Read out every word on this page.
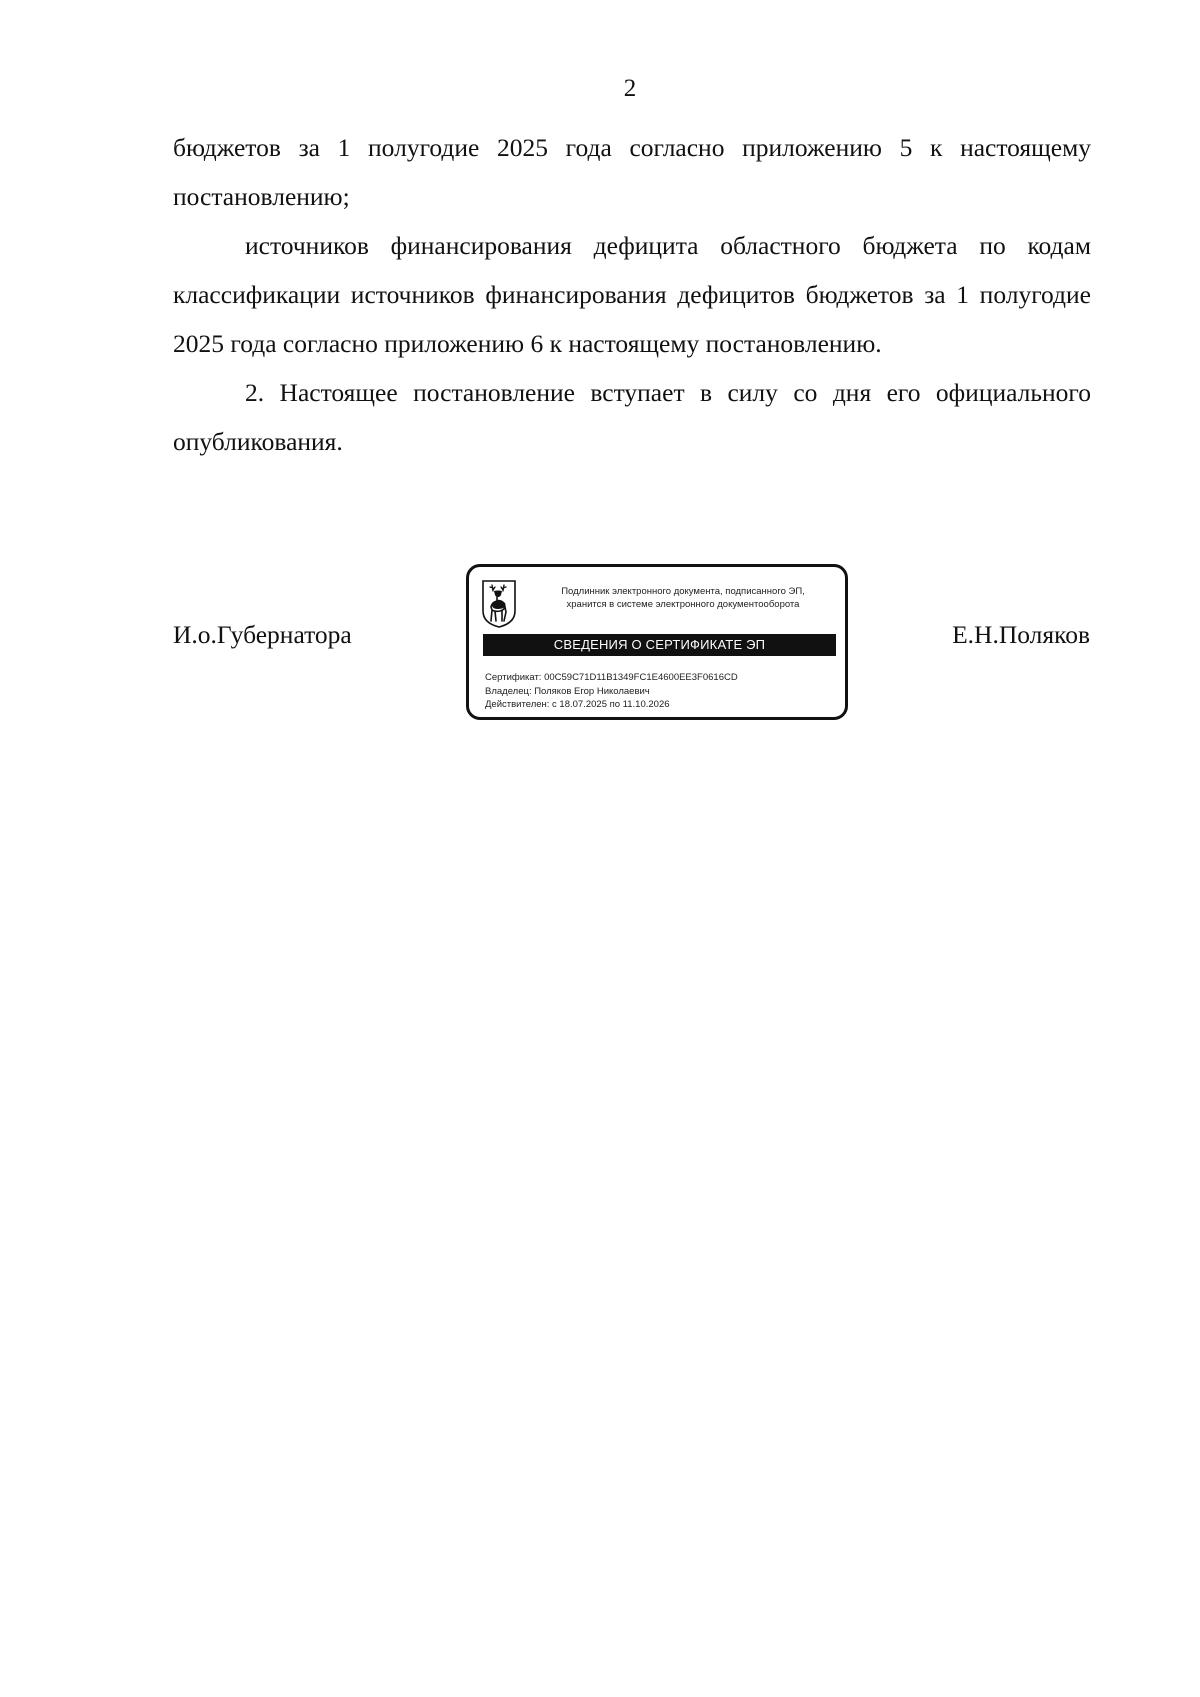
2

бюджетов за 1 полугодие 2025 года согласно приложению 5 к настоящему постановлению;

источников финансирования дефицита областного бюджета по кодам классификации источников финансирования дефицитов бюджетов за 1 полугодие 2025 года согласно приложению 6 к настоящему постановлению.

2. Настоящее постановление вступает в силу со дня его официального опубликования.

И.о.Губернатора
Подлинник электронного документа, подписанного ЭП,
хранится в системе электронного документооборота
СВЕДЕНИЯ О СЕРТИФИКАТЕ ЭП
Сертификат: 00C59C71D11B1349FC1E4600EE3F0616CD
Владелец: Поляков Егор Николаевич
Действителен: с 18.07.2025 по 11.10.2026
Е.Н.Поляков
